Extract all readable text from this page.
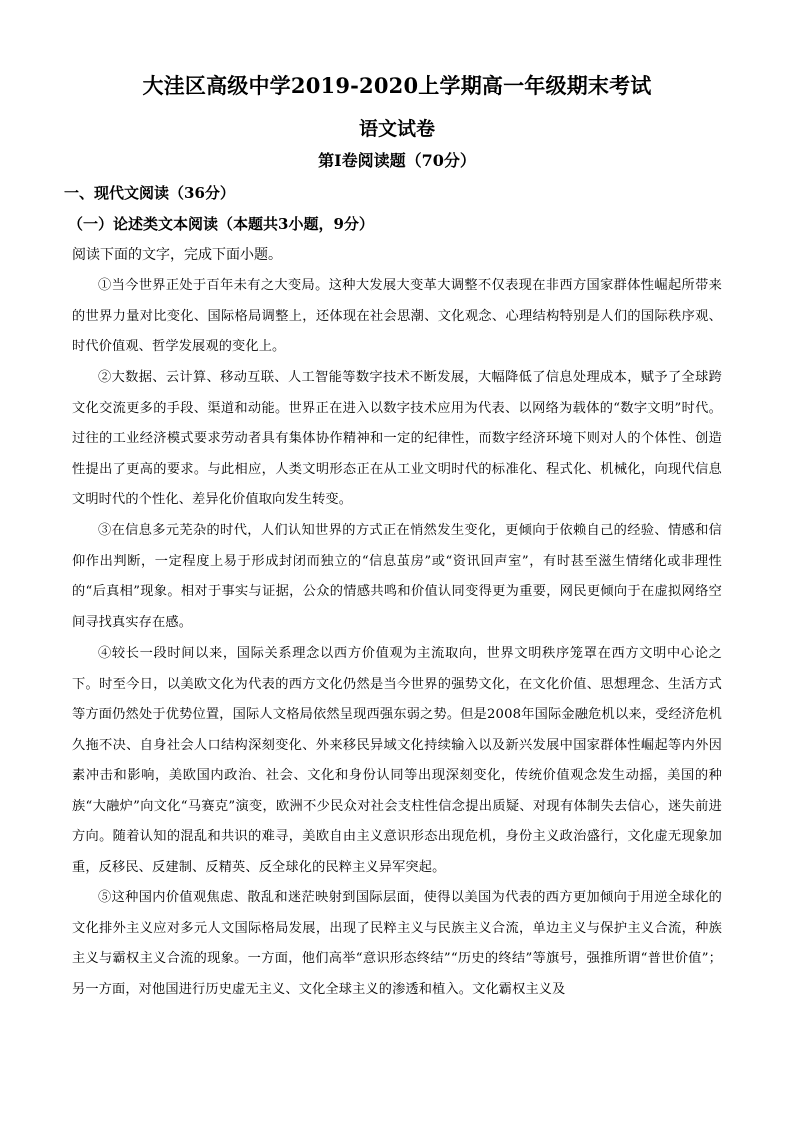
大洼区高级中学2019-2020上学期高一年级期末考试
语文试卷
第Ⅰ卷阅读题（70分）
一、现代文阅读（36分）
（一）论述类文本阅读（本题共3小题，9分）
阅读下面的文字，完成下面小题。

①当今世界正处于百年未有之大变局。这种大发展大变革大调整不仅表现在非西方国家群体性崛起所带来的世界力量对比变化、国际格局调整上，还体现在社会思潮、文化观念、心理结构特别是人们的国际秩序观、时代价值观、哲学发展观的变化上。

②大数据、云计算、移动互联、人工智能等数字技术不断发展，大幅降低了信息处理成本，赋予了全球跨文化交流更多的手段、渠道和动能。世界正在进入以数字技术应用为代表、以网络为载体的“数字文明”时代。过往的工业经济模式要求劳动者具有集体协作精神和一定的纪律性，而数字经济环境下则对人的个体性、创造性提出了更高的要求。与此相应，人类文明形态正在从工业文明时代的标准化、程式化、机械化，向现代信息文明时代的个性化、差异化价值取向发生转变。

③在信息多元芜杂的时代，人们认知世界的方式正在悄然发生变化，更倾向于依赖自己的经验、情感和信仰作出判断，一定程度上易于形成封闭而独立的“信息茧房”或“资讯回声室”，有时甚至滋生情绪化或非理性的“后真相”现象。相对于事实与证据，公众的情感共鸣和价值认同变得更为重要，网民更倾向于在虚拟网络空间寻找真实存在感。

④较长一段时间以来，国际关系理念以西方价值观为主流取向，世界文明秩序笼罩在西方文明中心论之下。时至今日，以美欧文化为代表的西方文化仍然是当今世界的强势文化，在文化价值、思想理念、生活方式等方面仍然处于优势位置，国际人文格局依然呈现西强东弱之势。但是2008年国际金融危机以来，受经济危机久拖不决、自身社会人口结构深刻变化、外来移民异域文化持续输入以及新兴发展中国家群体性崛起等内外因素冲击和影响，美欧国内政治、社会、文化和身份认同等出现深刻变化，传统价值观念发生动摇，美国的种族“大融炉”向文化“马赛克”演变，欧洲不少民众对社会支柱性信念提出质疑、对现有体制失去信心，迷失前进方向。随着认知的混乱和共识的难寻，美欧自由主义意识形态出现危机，身份主义政治盛行，文化虚无现象加重，反移民、反建制、反精英、反全球化的民粹主义异军突起。

⑤这种国内价值观焦虑、散乱和迷茫映射到国际层面，使得以美国为代表的西方更加倾向于用逆全球化的文化排外主义应对多元人文国际格局发展，出现了民粹主义与民族主义合流，单边主义与保护主义合流，种族主义与霸权主义合流的现象。一方面，他们高举“意识形态终结”“历史的终结”等旗号，强推所谓“普世价值”；另一方面，对他国进行历史虚无主义、文化全球主义的渗透和植入。文化霸权主义及
